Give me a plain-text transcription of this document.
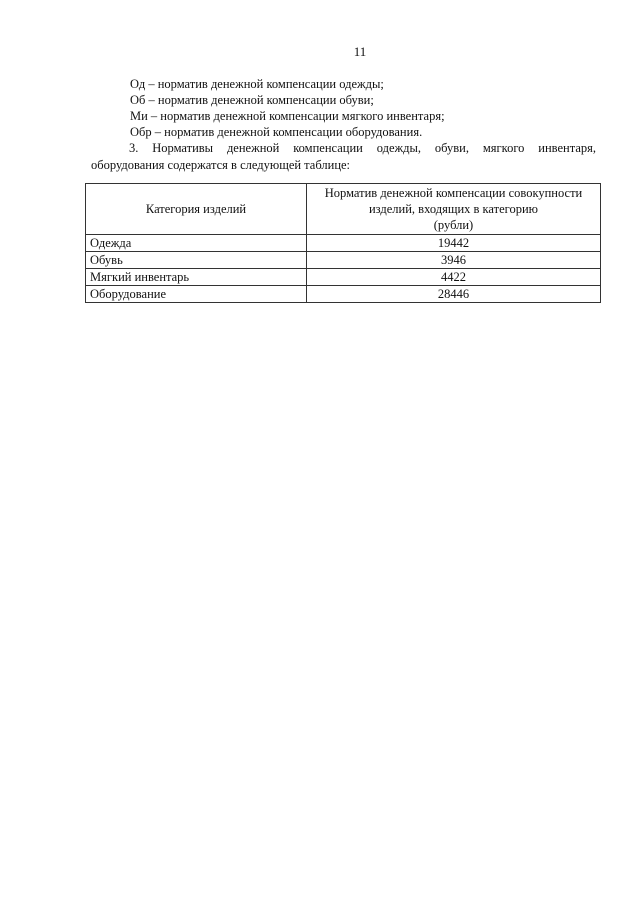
11
Од – норматив денежной компенсации одежды;
Об – норматив денежной компенсации обуви;
Ми – норматив денежной компенсации мягкого инвентаря;
Обр – норматив денежной компенсации оборудования.
3. Нормативы денежной компенсации одежды, обуви, мягкого инвентаря,
оборудования содержатся в следующей таблице:
Категория изделий	Норматив денежной компенсации совокупности
изделий, входящих в категорию
(рубли)

Одежда	19442
Обувь	3946
Мягкий инвентарь	4422
Оборудование	28446
